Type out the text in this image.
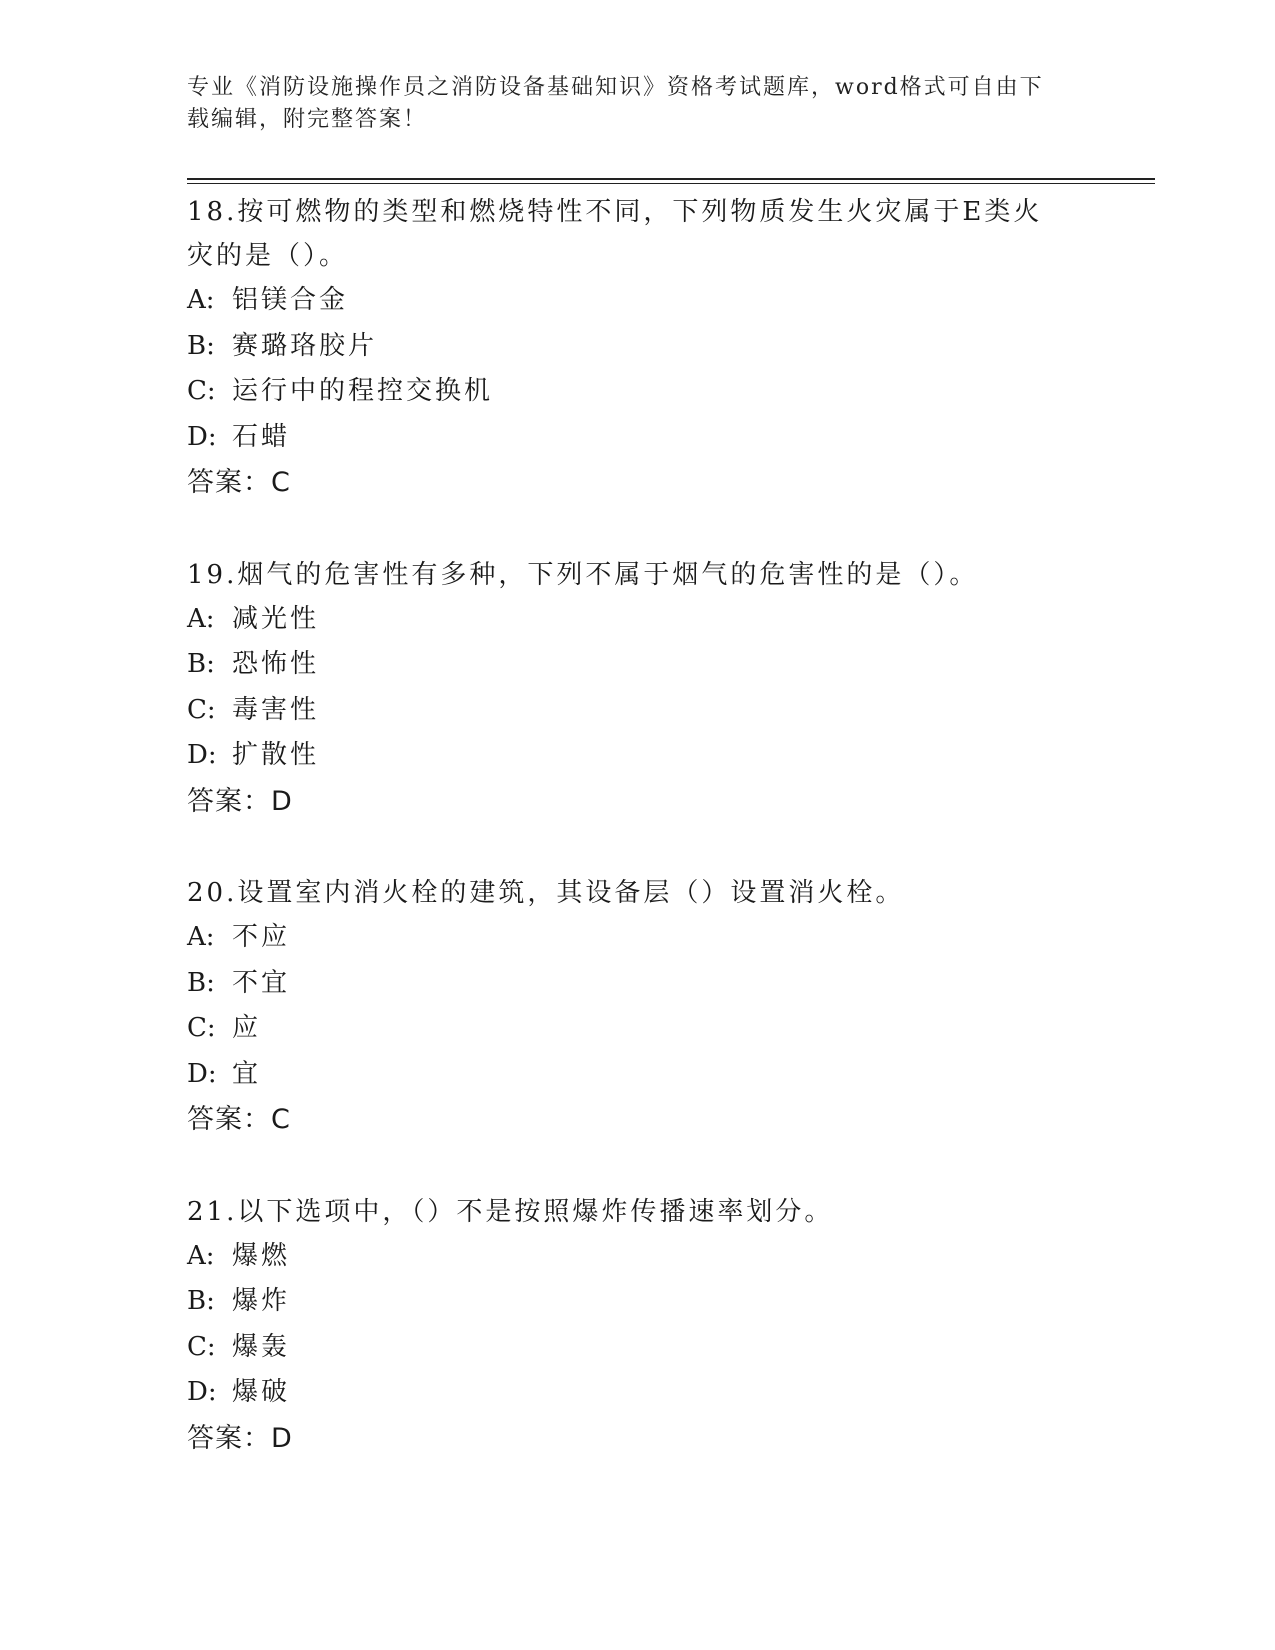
专业《消防设施操作员之消防设备基础知识》资格考试题库，word格式可自由下载编辑，附完整答案！
18.按可燃物的类型和燃烧特性不同，下列物质发生火灾属于E类火灾的是（）。
A: 铝镁合金
B: 赛璐珞胶片
C: 运行中的程控交换机
D: 石蜡
答案：C
19.烟气的危害性有多种，下列不属于烟气的危害性的是（）。
A: 减光性
B: 恐怖性
C: 毒害性
D: 扩散性
答案：D
20.设置室内消火栓的建筑，其设备层（）设置消火栓。
A: 不应
B: 不宜
C: 应
D: 宜
答案：C
21.以下选项中，（）不是按照爆炸传播速率划分。
A: 爆燃
B: 爆炸
C: 爆轰
D: 爆破
答案：D
